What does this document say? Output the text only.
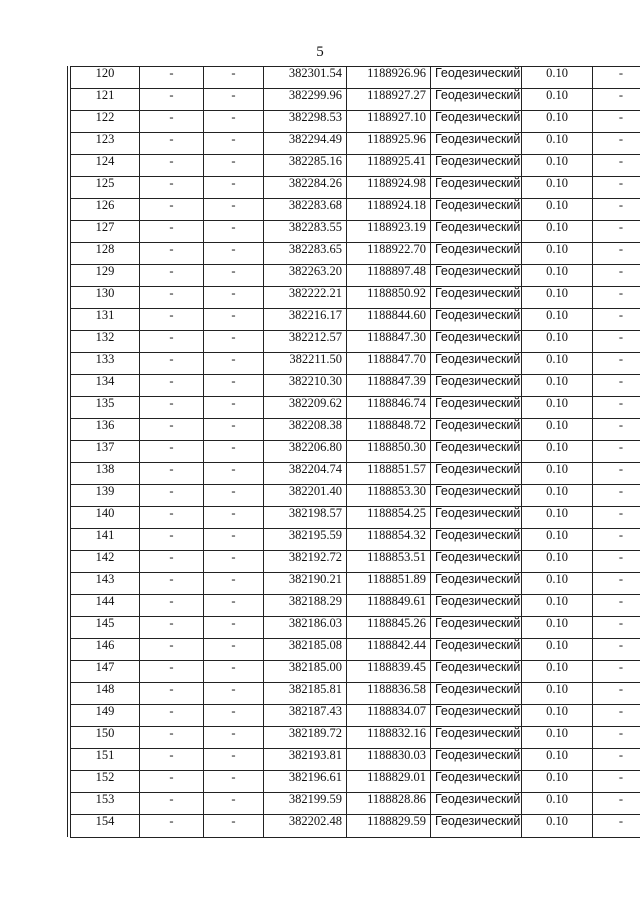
5
120	-	-	382301.54	1188926.96	Геодезический	0.10	-
121	-	-	382299.96	1188927.27	Геодезический	0.10	-
122	-	-	382298.53	1188927.10	Геодезический	0.10	-
123	-	-	382294.49	1188925.96	Геодезический	0.10	-
124	-	-	382285.16	1188925.41	Геодезический	0.10	-
125	-	-	382284.26	1188924.98	Геодезический	0.10	-
126	-	-	382283.68	1188924.18	Геодезический	0.10	-
127	-	-	382283.55	1188923.19	Геодезический	0.10	-
128	-	-	382283.65	1188922.70	Геодезический	0.10	-
129	-	-	382263.20	1188897.48	Геодезический	0.10	-
130	-	-	382222.21	1188850.92	Геодезический	0.10	-
131	-	-	382216.17	1188844.60	Геодезический	0.10	-
132	-	-	382212.57	1188847.30	Геодезический	0.10	-
133	-	-	382211.50	1188847.70	Геодезический	0.10	-
134	-	-	382210.30	1188847.39	Геодезический	0.10	-
135	-	-	382209.62	1188846.74	Геодезический	0.10	-
136	-	-	382208.38	1188848.72	Геодезический	0.10	-
137	-	-	382206.80	1188850.30	Геодезический	0.10	-
138	-	-	382204.74	1188851.57	Геодезический	0.10	-
139	-	-	382201.40	1188853.30	Геодезический	0.10	-
140	-	-	382198.57	1188854.25	Геодезический	0.10	-
141	-	-	382195.59	1188854.32	Геодезический	0.10	-
142	-	-	382192.72	1188853.51	Геодезический	0.10	-
143	-	-	382190.21	1188851.89	Геодезический	0.10	-
144	-	-	382188.29	1188849.61	Геодезический	0.10	-
145	-	-	382186.03	1188845.26	Геодезический	0.10	-
146	-	-	382185.08	1188842.44	Геодезический	0.10	-
147	-	-	382185.00	1188839.45	Геодезический	0.10	-
148	-	-	382185.81	1188836.58	Геодезический	0.10	-
149	-	-	382187.43	1188834.07	Геодезический	0.10	-
150	-	-	382189.72	1188832.16	Геодезический	0.10	-
151	-	-	382193.81	1188830.03	Геодезический	0.10	-
152	-	-	382196.61	1188829.01	Геодезический	0.10	-
153	-	-	382199.59	1188828.86	Геодезический	0.10	-
154	-	-	382202.48	1188829.59	Геодезический	0.10	-
